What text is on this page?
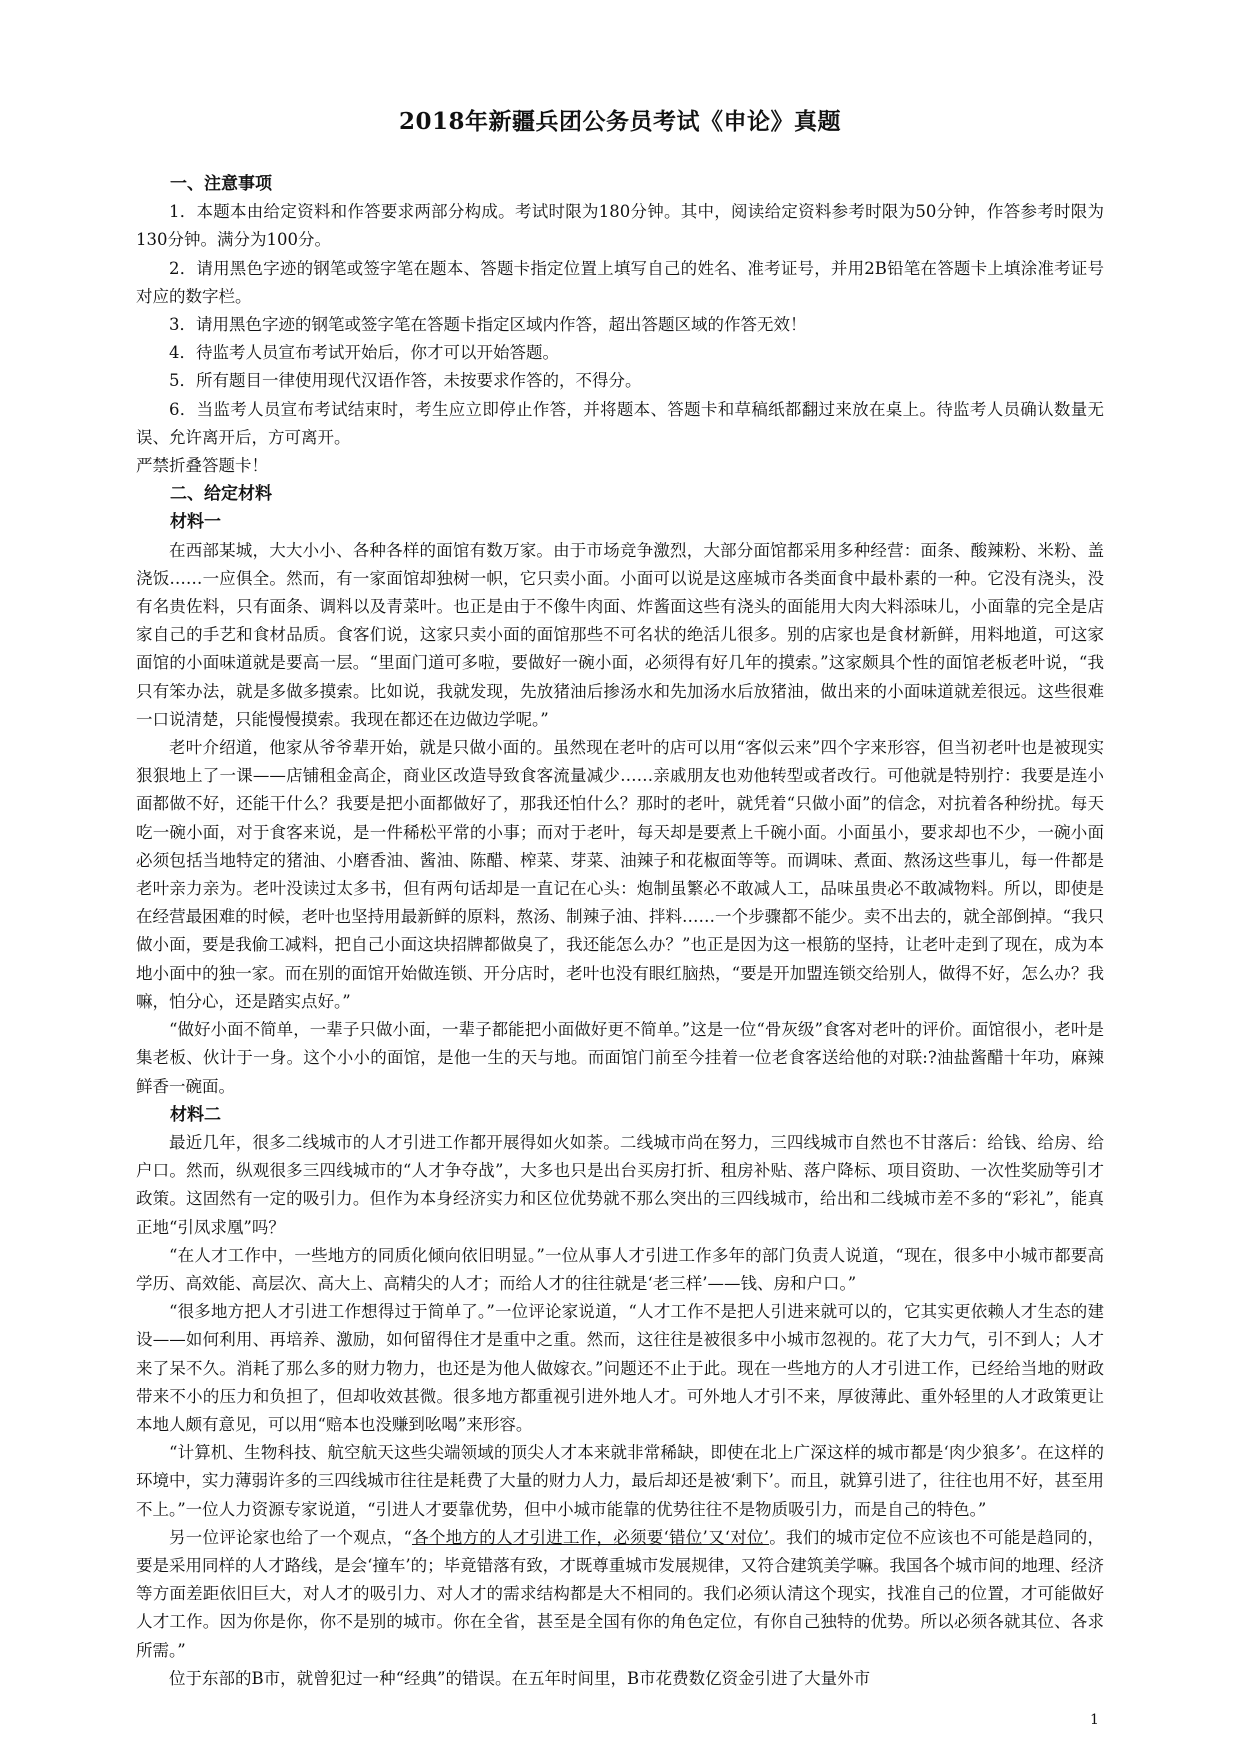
2018年新疆兵团公务员考试《申论》真题
一、注意事项

1．本题本由给定资料和作答要求两部分构成。考试时限为180分钟。其中，阅读给定资料参考时限为50分钟，作答参考时限为130分钟。满分为100分。

2．请用黑色字迹的钢笔或签字笔在题本、答题卡指定位置上填写自己的姓名、准考证号，并用2B铅笔在答题卡上填涂准考证号对应的数字栏。

3．请用黑色字迹的钢笔或签字笔在答题卡指定区域内作答，超出答题区域的作答无效！

4．待监考人员宣布考试开始后，你才可以开始答题。

5．所有题目一律使用现代汉语作答，未按要求作答的，不得分。

6．当监考人员宣布考试结束时，考生应立即停止作答，并将题本、答题卡和草稿纸都翻过来放在桌上。待监考人员确认数量无误、允许离开后，方可离开。

严禁折叠答题卡！

二、给定材料
材料一

在西部某城，大大小小、各种各样的面馆有数万家。由于市场竞争激烈，大部分面馆都采用多种经营：面条、酸辣粉、米粉、盖浇饭……一应俱全。然而，有一家面馆却独树一帜，它只卖小面。小面可以说是这座城市各类面食中最朴素的一种。它没有浇头，没有名贵佐料，只有面条、调料以及青菜叶。也正是由于不像牛肉面、炸酱面这些有浇头的面能用大肉大料添味儿，小面靠的完全是店家自己的手艺和食材品质。食客们说，这家只卖小面的面馆那些不可名状的绝活儿很多。别的店家也是食材新鲜，用料地道，可这家面馆的小面味道就是要高一层。“里面门道可多啦，要做好一碗小面，必须得有好几年的摸索。”这家颇具个性的面馆老板老叶说，“我只有笨办法，就是多做多摸索。比如说，我就发现，先放猪油后掺汤水和先加汤水后放猪油，做出来的小面味道就差很远。这些很难一口说清楚，只能慢慢摸索。我现在都还在边做边学呢。”

老叶介绍道，他家从爷爷辈开始，就是只做小面的。虽然现在老叶的店可以用“客似云来”四个字来形容，但当初老叶也是被现实狠狠地上了一课——店铺租金高企，商业区改造导致食客流量减少……亲戚朋友也劝他转型或者改行。可他就是特别拧：我要是连小面都做不好，还能干什么？我要是把小面都做好了，那我还怕什么？那时的老叶，就凭着“只做小面”的信念，对抗着各种纷扰。每天吃一碗小面，对于食客来说，是一件稀松平常的小事；而对于老叶，每天却是要煮上千碗小面。小面虽小，要求却也不少，一碗小面必须包括当地特定的猪油、小磨香油、酱油、陈醋、榨菜、芽菜、油辣子和花椒面等等。而调味、煮面、熬汤这些事儿，每一件都是老叶亲力亲为。老叶没读过太多书，但有两句话却是一直记在心头：炮制虽繁必不敢减人工，品味虽贵必不敢减物料。所以，即使是在经营最困难的时候，老叶也坚持用最新鲜的原料，熬汤、制辣子油、拌料……一个步骤都不能少。卖不出去的，就全部倒掉。“我只做小面，要是我偷工减料，把自己小面这块招牌都做臭了，我还能怎么办？”也正是因为这一根筋的坚持，让老叶走到了现在，成为本地小面中的独一家。而在别的面馆开始做连锁、开分店时，老叶也没有眼红脑热，“要是开加盟连锁交给别人，做得不好，怎么办？我嘛，怕分心，还是踏实点好。”

“做好小面不简单，一辈子只做小面，一辈子都能把小面做好更不简单。”这是一位“骨灰级”食客对老叶的评价。面馆很小，老叶是集老板、伙计于一身。这个小小的面馆，是他一生的天与地。而面馆门前至今挂着一位老食客送给他的对联:?油盐酱醋十年功，麻辣鲜香一碗面。

材料二

最近几年，很多二线城市的人才引进工作都开展得如火如荼。二线城市尚在努力，三四线城市自然也不甘落后：给钱、给房、给户口。然而，纵观很多三四线城市的“人才争夺战”，大多也只是出台买房打折、租房补贴、落户降标、项目资助、一次性奖励等引才政策。这固然有一定的吸引力。但作为本身经济实力和区位优势就不那么突出的三四线城市，给出和二线城市差不多的“彩礼”，能真正地“引凤求凰”吗？

“在人才工作中，一些地方的同质化倾向依旧明显。”一位从事人才引进工作多年的部门负责人说道，“现在，很多中小城市都要高学历、高效能、高层次、高大上、高精尖的人才；而给人才的往往就是‘老三样’——钱、房和户口。”

“很多地方把人才引进工作想得过于简单了。”一位评论家说道，“人才工作不是把人引进来就可以的，它其实更依赖人才生态的建设——如何利用、再培养、激励，如何留得住才是重中之重。然而，这往往是被很多中小城市忽视的。花了大力气，引不到人；人才来了呆不久。消耗了那么多的财力物力，也还是为他人做嫁衣。”问题还不止于此。现在一些地方的人才引进工作，已经给当地的财政带来不小的压力和负担了，但却收效甚微。很多地方都重视引进外地人才。可外地人才引不来，厚彼薄此、重外轻里的人才政策更让本地人颇有意见，可以用“赔本也没赚到吆喝”来形容。

“计算机、生物科技、航空航天这些尖端领域的顶尖人才本来就非常稀缺，即使在北上广深这样的城市都是‘肉少狼多’。在这样的环境中，实力薄弱许多的三四线城市往往是耗费了大量的财力人力，最后却还是被‘剩下’。而且，就算引进了，往往也用不好，甚至用不上。”一位人力资源专家说道，“引进人才要靠优势，但中小城市能靠的优势往往不是物质吸引力，而是自己的特色。”

另一位评论家也给了一个观点，“各个地方的人才引进工作，必须要‘错位’又‘对位’。我们的城市定位不应该也不可能是趋同的，要是采用同样的人才路线，是会‘撞车’的；毕竟错落有致，才既尊重城市发展规律，又符合建筑美学嘛。我国各个城市间的地理、经济等方面差距依旧巨大，对人才的吸引力、对人才的需求结构都是大不相同的。我们必须认清这个现实，找准自己的位置，才可能做好人才工作。因为你是你，你不是别的城市。你在全省，甚至是全国有你的角色定位，有你自己独特的优势。所以必须各就其位、各求所需。”

位于东部的B市，就曾犯过一种“经典”的错误。在五年时间里，B市花费数亿资金引进了大量外市

1
